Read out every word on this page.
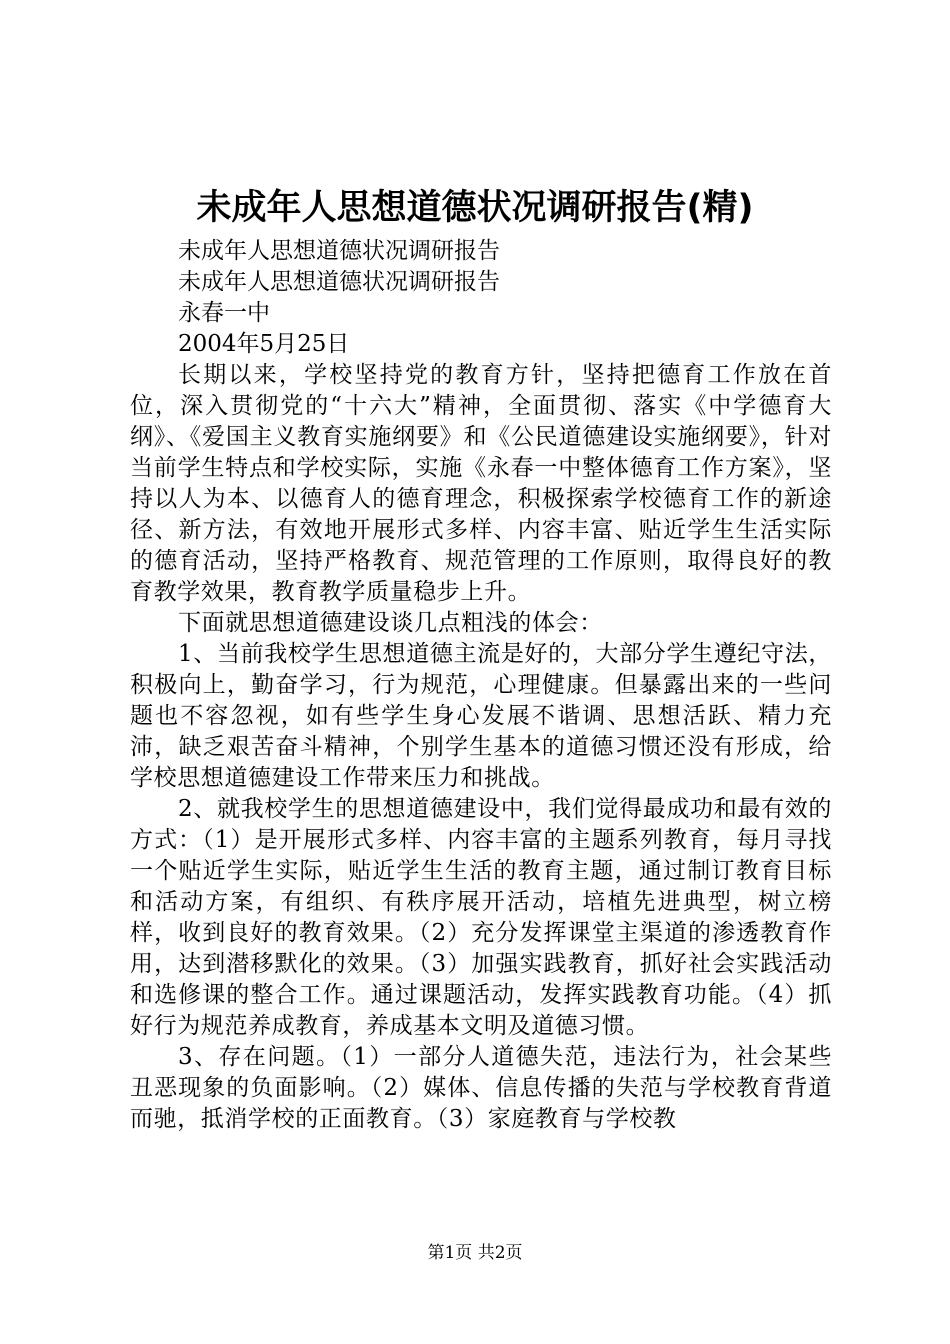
未成年人思想道德状况调研报告(精)

未成年人思想道德状况调研报告

未成年人思想道德状况调研报告

永春一中

2004年5月25日

长期以来，学校坚持党的教育方针，坚持把德育工作放在首位，深入贯彻党的“十六大”精神，全面贯彻、落实《中学德育大纲》、《爱国主义教育实施纲要》和《公民道德建设实施纲要》，针对当前学生特点和学校实际，实施《永春一中整体德育工作方案》，坚持以人为本、以德育人的德育理念，积极探索学校德育工作的新途径、新方法，有效地开展形式多样、内容丰富、贴近学生生活实际的德育活动，坚持严格教育、规范管理的工作原则，取得良好的教育教学效果，教育教学质量稳步上升。

下面就思想道德建设谈几点粗浅的体会：

1、当前我校学生思想道德主流是好的，大部分学生遵纪守法，积极向上，勤奋学习，行为规范，心理健康。但暴露出来的一些问题也不容忽视，如有些学生身心发展不谐调、思想活跃、精力充沛，缺乏艰苦奋斗精神，个别学生基本的道德习惯还没有形成，给学校思想道德建设工作带来压力和挑战。

2、就我校学生的思想道德建设中，我们觉得最成功和最有效的方式：（1）是开展形式多样、内容丰富的主题系列教育，每月寻找一个贴近学生实际，贴近学生生活的教育主题，通过制订教育目标和活动方案，有组织、有秩序展开活动，培植先进典型，树立榜样，收到良好的教育效果。（2）充分发挥课堂主渠道的渗透教育作用，达到潜移默化的效果。（3）加强实践教育，抓好社会实践活动和选修课的整合工作。通过课题活动，发挥实践教育功能。（4）抓好行为规范养成教育，养成基本文明及道德习惯。

3、存在问题。（1）一部分人道德失范，违法行为，社会某些丑恶现象的负面影响。（2）媒体、信息传播的失范与学校教育背道而驰，抵消学校的正面教育。（3）家庭教育与学校教

第1页 共2页
